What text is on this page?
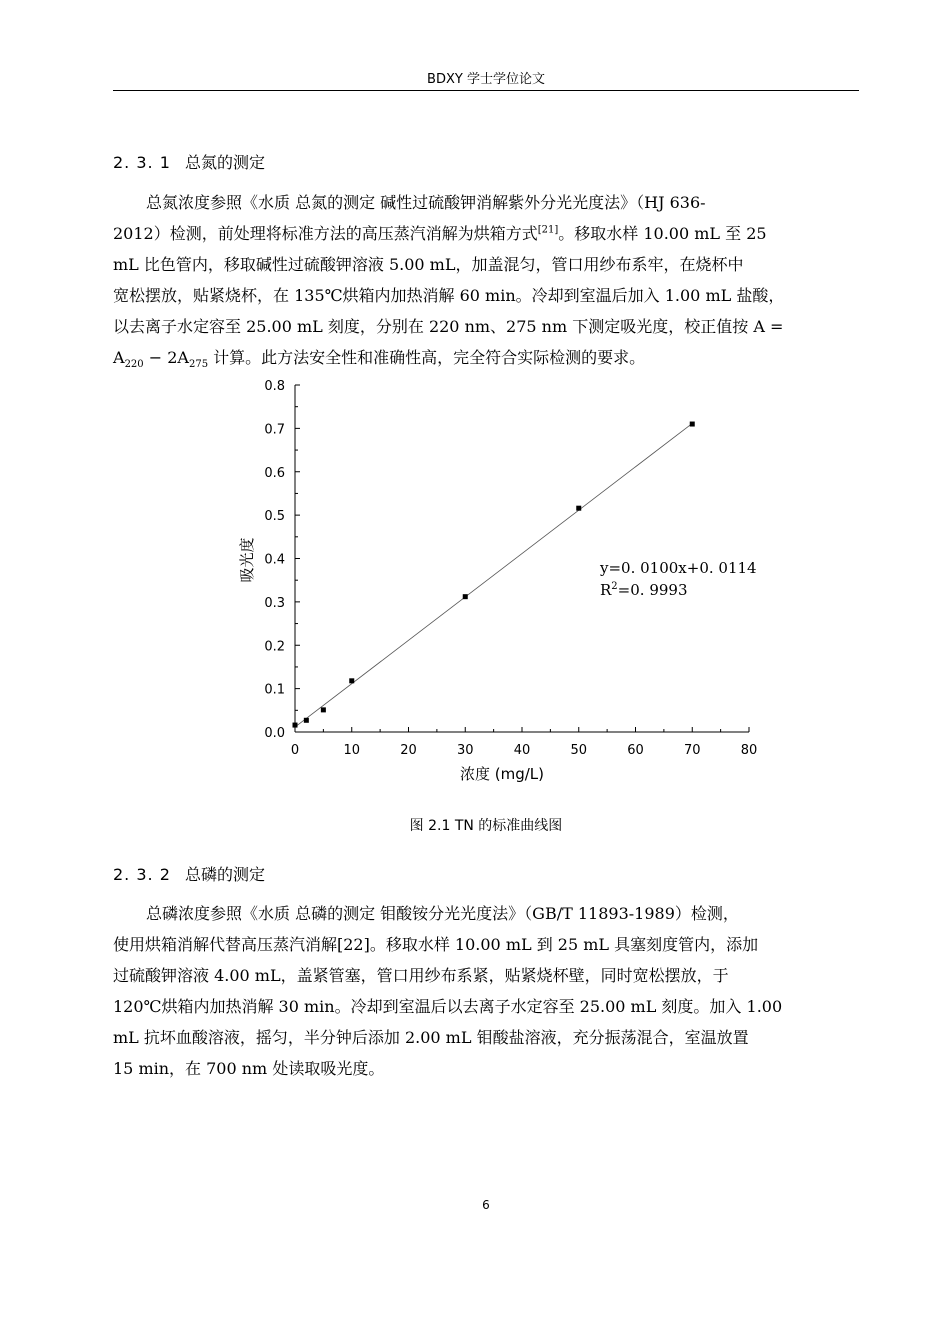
BDXY 学士学位论文
2. 3. 1 总氮的测定
总氮浓度参照《水质 总氮的测定 碱性过硫酸钾消解紫外分光光度法》（HJ 636-
2012）检测，前处理将标准方法的高压蒸汽消解为烘箱方式[21]。移取水样 10.00 mL 至 25
mL 比色管内，移取碱性过硫酸钾溶液 5.00 mL，加盖混匀，管口用纱布系牢，在烧杯中
宽松摆放，贴紧烧杯，在 135℃烘箱内加热消解 60 min。冷却到室温后加入 1.00 mL 盐酸，
以去离子水定容至 25.00 mL 刻度，分别在 220 nm、275 nm 下测定吸光度，校正值按 A =
$A_{220} - 2A_{275}$ 计算。此方法安全性和准确性高，完全符合实际检测的要求。
0	10	20	30	40	50	60	70	80
0.0
0.1
0.2
0.3
0.4
0.5
0.6
0.7
0.8
吸光度
浓度 (mg/L)
y=0. 0100x+0. 0114
$R^2=0$. 9993
图 2.1 TN 的标准曲线图
2. 3. 2 总磷的测定
总磷浓度参照《水质 总磷的测定 钼酸铵分光光度法》（GB/T 11893-1989）检测，
使用烘箱消解代替高压蒸汽消解[22]。移取水样 10.00 mL 到 25 mL 具塞刻度管内，添加
过硫酸钾溶液 4.00 mL，盖紧管塞，管口用纱布系紧，贴紧烧杯壁，同时宽松摆放，于
120℃烘箱内加热消解 30 min。冷却到室温后以去离子水定容至 25.00 mL 刻度。加入 1.00
mL 抗坏血酸溶液，摇匀，半分钟后添加 2.00 mL 钼酸盐溶液，充分振荡混合，室温放置
15 min，在 700 nm 处读取吸光度。
6
